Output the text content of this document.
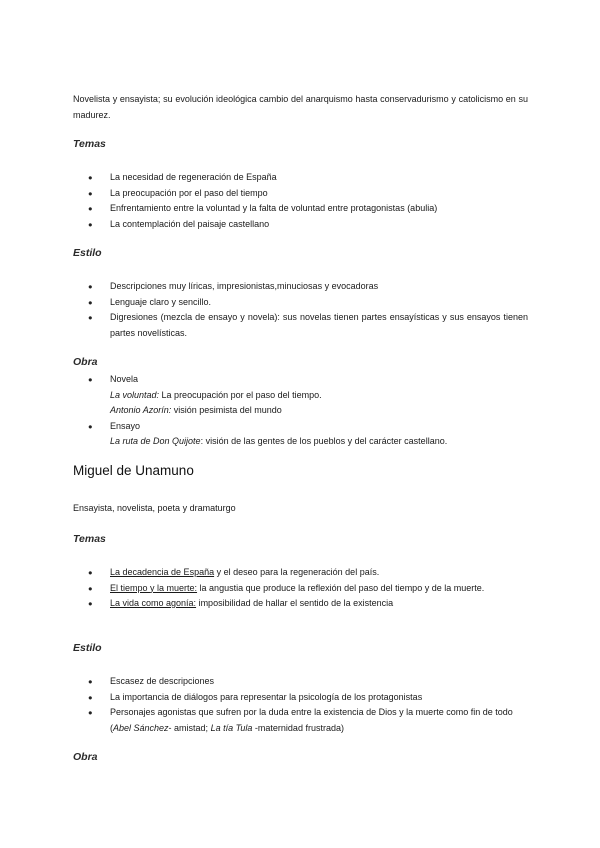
Novelista y ensayista; su evolución ideológica cambio del anarquismo hasta conservadurismo y catolicismo en su madurez.

Temas
● La necesidad de regeneración de España
● La preocupación por el paso del tiempo
● Enfrentamiento entre la voluntad y la falta de voluntad entre protagonistas (abulia)
● La contemplación del paisaje castellano
Estilo
● Descripciones muy líricas, impresionistas,minuciosas y evocadoras
● Lenguaje claro y sencillo.
● Digresiones (mezcla de ensayo y novela): sus novelas tienen partes ensayísticas y sus ensayos tienen partes novelísticas.
Obra
● Novela
La voluntad: La preocupación por el paso del tiempo.
Antonio Azorín: visión pesimista del mundo
● Ensayo
La ruta de Don Quijote: visión de las gentes de los pueblos y del carácter castellano.
Miguel de Unamuno

Ensayista, novelista, poeta y dramaturgo

Temas
● La decadencia de España y el deseo para la regeneración del país.
● El tiempo y la muerte: la angustia que produce la reflexión del paso del tiempo y de la muerte.
● La vida como agonía: imposibilidad de hallar el sentido de la existencia
Estilo
● Escasez de descripciones
● La importancia de diálogos para representar la psicología de los protagonistas
● Personajes agonistas que sufren por la duda entre la existencia de Dios y la muerte como fin de todo (Abel Sánchez- amistad; La tía Tula -maternidad frustrada)
Obra
